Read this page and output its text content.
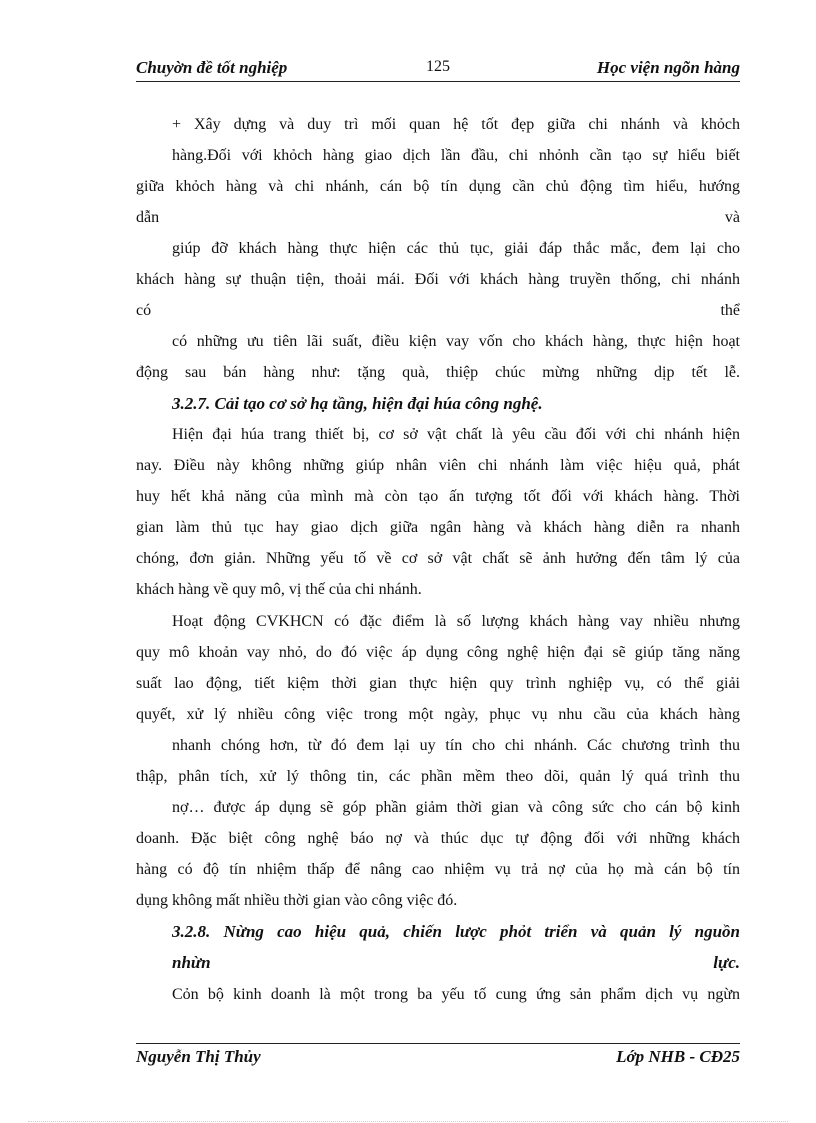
Chuyờn đề tốt nghiệp	125	Học viện ngõn hàng
+ Xây dựng và duy trì mối quan hệ tốt đẹp giữa chi nhánh và khỏch
hàng.Đối với khỏch hàng giao dịch lần đầu, chi nhỏnh cần tạo sự hiểu biết
giữa khỏch hàng và chi nhánh, cán bộ tín dụng cần chủ động tìm hiểu, hướng
dẫn	và
giúp đỡ khách hàng thực hiện các thủ tục, giải đáp thắc mắc, đem lại cho
khách hàng sự thuận tiện, thoải mái. Đối với khách hàng truyền thống, chi nhánh
có	thể
có những ưu tiên lãi suất, điều kiện vay vốn cho khách hàng, thực hiện hoạt
động sau bán hàng như: tặng quà, thiệp chúc mừng những dịp tết lễ.
3.2.7. Cải tạo cơ sở hạ tầng, hiện đại húa công nghệ.
Hiện đại húa trang thiết bị, cơ sở vật chất là yêu cầu đối với chi nhánh hiện
nay. Điều này không những giúp nhân viên chi nhánh làm việc hiệu quả, phát
huy hết khả năng của mình mà còn tạo ấn tượng tốt đối với khách hàng. Thời
gian làm thủ tục hay giao dịch giữa ngân hàng và khách hàng diễn ra nhanh
chóng, đơn giản. Những yếu tố về cơ sở vật chất sẽ ảnh hưởng đến tâm lý của
khách hàng về quy mô, vị thế của chi nhánh.
Hoạt động CVKHCN có đặc điểm là số lượng khách hàng vay nhiều nhưng
quy mô khoản vay nhỏ, do đó việc áp dụng công nghệ hiện đại sẽ giúp tăng năng
suất lao động, tiết kiệm thời gian thực hiện quy trình nghiệp vụ, có thể giải
quyết, xử lý nhiều công việc trong một ngày, phục vụ nhu cầu của khách hàng
nhanh chóng hơn, từ đó đem lại uy tín cho chi nhánh. Các chương trình thu
thập, phân tích, xử lý thông tin, các phần mềm theo dõi, quản lý quá trình thu
nợ… được áp dụng sẽ góp phần giảm thời gian và công sức cho cán bộ kinh
doanh. Đặc biệt công nghệ báo nợ và thúc dục tự động đối với những khách
hàng có độ tín nhiệm thấp để nâng cao nhiệm vụ trả nợ của họ mà cán bộ tín
dụng không mất nhiều thời gian vào công việc đó.
3.2.8. Nừng cao hiệu quả, chiến lược phỏt triển và quản lý nguồn
nhừn	lực.
Cỏn bộ kinh doanh là một trong ba yếu tố cung ứng sản phẩm dịch vụ ngừn
Nguyễn Thị Thủy	Lớp NHB - CĐ25
